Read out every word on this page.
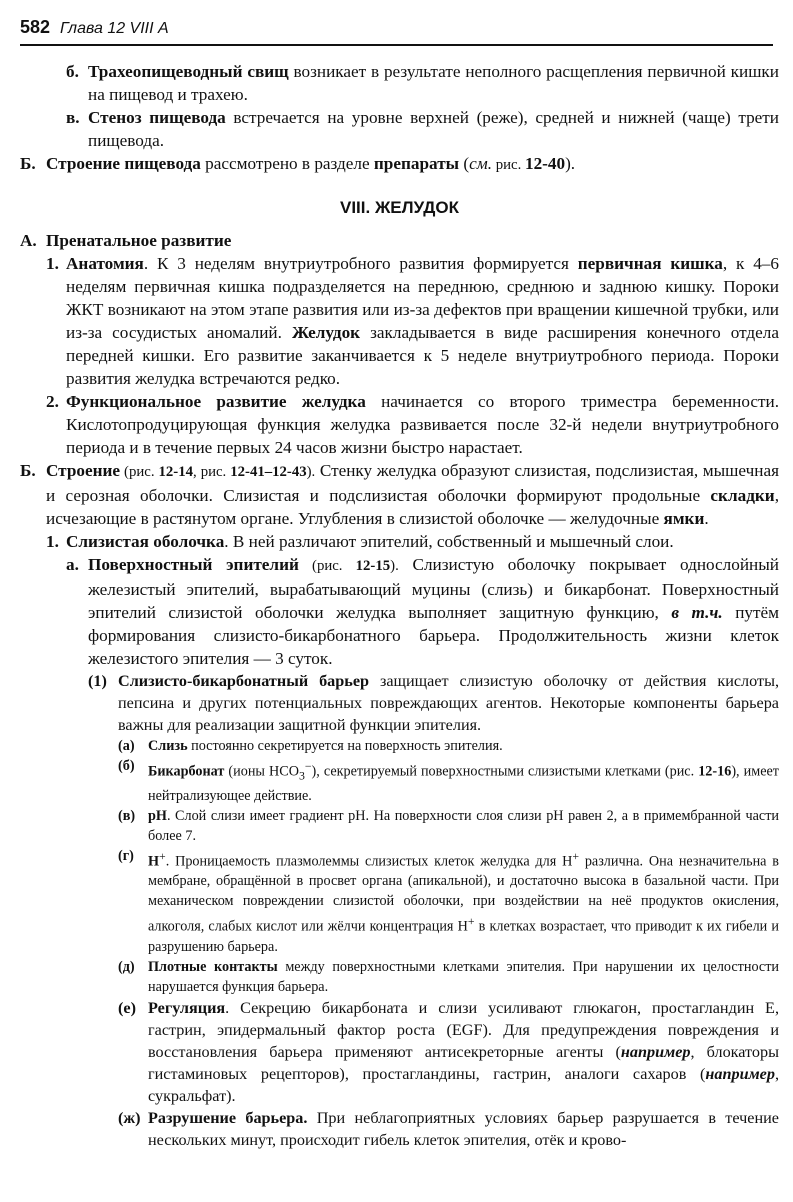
582 Глава 12 VIII А
б. Трахеопищеводный свищ возникает в результате неполного расщепления первичной кишки на пищевод и трахею.

в. Стеноз пищевода встречается на уровне верхней (реже), средней и нижней (чаще) трети пищевода.

Б. Строение пищевода рассмотрено в разделе препараты (см. рис. 12-40).

VIII. ЖЕЛУДОК
А. Пренатальное развитие
1. Анатомия. К 3 неделям внутриутробного развития формируется первичная кишка, к 4–6 неделям первичная кишка подразделяется на переднюю, среднюю и заднюю кишку. Пороки ЖКТ возникают на этом этапе развития или из-за дефектов при вращении кишечной трубки, или из-за сосудистых аномалий. Желудок закладывается в виде расширения конечного отдела передней кишки. Его развитие заканчивается к 5 неделе внутриутробного периода. Пороки развития желудка встречаются редко.

2. Функциональное развитие желудка начинается со второго триместра беременности. Кислотопродуцирующая функция желудка развивается после 32-й недели внутриутробного периода и в течение первых 24 часов жизни быстро нарастает.

Б. Строение (рис. 12-14, рис. 12-41–12-43). Стенку желудка образуют слизистая, подслизистая, мышечная и серозная оболочки. Слизистая и подслизистая оболочки формируют продольные складки, исчезающие в растянутом органе. Углубления в слизистой оболочке — желудочные ямки.

1. Слизистая оболочка. В ней различают эпителий, собственный и мышечный слои.

а. Поверхностный эпителий (рис. 12-15). Слизистую оболочку покрывает однослойный железистый эпителий, вырабатывающий муцины (слизь) и бикарбонат. Поверхностный эпителий слизистой оболочки желудка выполняет защитную функцию, в т.ч. путём формирования слизисто-бикарбонатного барьера. Продолжительность жизни клеток железистого эпителия — 3 суток.

(1) Слизисто-бикарбонатный барьер защищает слизистую оболочку от действия кислоты, пепсина и других потенциальных повреждающих агентов. Некоторые компоненты барьера важны для реализации защитной функции эпителия.

(а) Слизь постоянно секретируется на поверхность эпителия.

(б) Бикарбонат (ионы $HCO_3^-$), секретируемый поверхностными слизистыми клетками (рис. 12-16), имеет нейтрализующее действие.

(в) pH. Слой слизи имеет градиент pH. На поверхности слоя слизи pH равен 2, а в примембранной части более 7.

(г) H+. Проницаемость плазмолеммы слизистых клеток желудка для H+ различна. Она незначительна в мембране, обращённой в просвет органа (апикальной), и достаточно высока в базальной части. При механическом повреждении слизистой оболочки, при воздействии на неё продуктов окисления, алкоголя, слабых кислот или жёлчи концентрация H+ в клетках возрастает, что приводит к их гибели и разрушению барьера.

(д) Плотные контакты между поверхностными клетками эпителия. При нарушении их целостности нарушается функция барьера.

(е) Регуляция. Секрецию бикарбоната и слизи усиливают глюкагон, простагландин Е, гастрин, эпидермальный фактор роста (EGF). Для предупреждения повреждения и восстановления барьера применяют антисекреторные агенты (например, блокаторы гистаминовых рецепторов), простагландины, гастрин, аналоги сахаров (например, сукральфат).

(ж) Разрушение барьера. При неблагоприятных условиях барьер разрушается в течение нескольких минут, происходит гибель клеток эпителия, отёк и крово-
